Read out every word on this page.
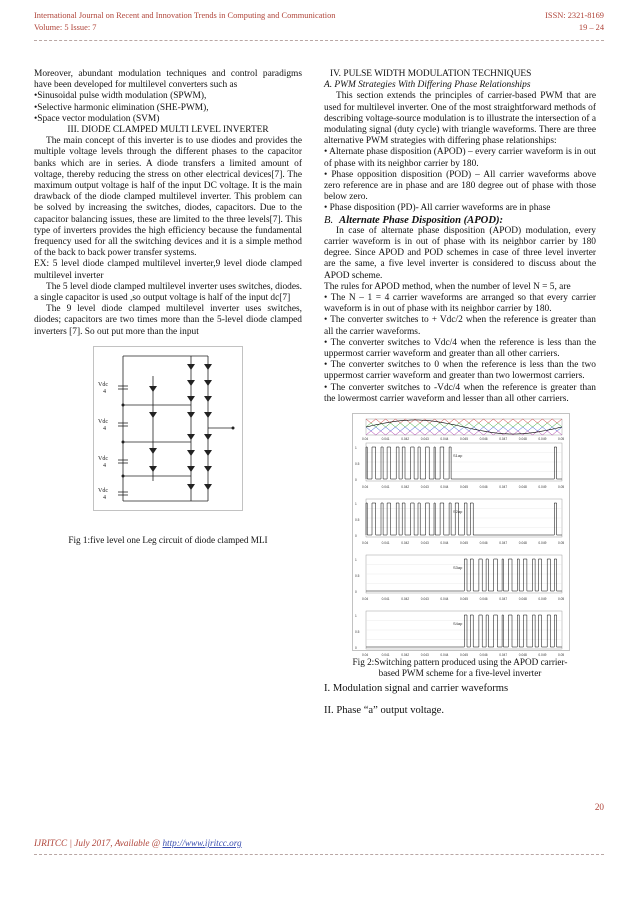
International Journal on Recent and Innovation Trends in Computing and Communication
Volume: 5 Issue: 7
ISSN: 2321-8169
19 – 24

Moreover, abundant modulation techniques and control paradigms have been developed for multilevel converters such as

•Sinusoidal pulse width modulation (SPWM),

•Selective harmonic elimination (SHE-PWM),

•Space vector modulation (SVM)

III. DIODE CLAMPED MULTI LEVEL INVERTER

The main concept of this inverter is to use diodes and provides the multiple voltage levels through the different phases to the capacitor banks which are in series. A diode transfers a limited amount of voltage, thereby reducing the stress on other electrical devices[7]. The maximum output voltage is half of the input DC voltage. It is the main drawback of the diode clamped multilevel inverter. This problem can be solved by increasing the switches, diodes, capacitors. Due to the capacitor balancing issues, these are limited to the three levels[7]. This type of inverters provides the high efficiency because the fundamental frequency used for all the switching devices and it is a simple method of the back to back power transfer systems.

EX: 5 level diode clamped multilevel inverter,9 level diode clamped multilevel inverter

The 5 level diode clamped multilevel inverter uses switches, diodes. a single capacitor is used ,so output voltage is half of the input dc[7]

The 9 level diode clamped multilevel inverter uses switches, diodes; capacitors are two times more than the 5-level diode clamped inverters [7]. So out put more than the input

Vdc
4
Vdc
4
Vdc
4
Vdc
4

Fig 1:five level one Leg circuit of diode clamped MLI

IV. PULSE WIDTH MODULATION TECHNIQUES

A. PWM Strategies With Differing Phase Relationships

This section extends the principles of carrier-based PWM that are used for multilevel inverter. One of the most straightforward methods of describing voltage-source modulation is to illustrate the intersection of a modulating signal (duty cycle) with triangle waveforms. There are three alternative PWM strategies with differing phase relationships:

• Alternate phase disposition (APOD) – every carrier waveform is in out of phase with its neighbor carrier by 180.

• Phase opposition disposition (POD) – All carrier waveforms above zero reference are in phase and are 180 degree out of phase with those below zero.

• Phase disposition (PD)- All carrier waveforms are in phase

B. Alternate Phase Disposition (APOD):

In case of alternate phase disposition (APOD) modulation, every carrier waveform is in out of phase with its neighbor carrier by 180 degree. Since APOD and POD schemes in case of three level inverter are the same, a five level inverter is considered to discuss about the APOD scheme.

The rules for APOD method, when the number of level N = 5, are

• The N – 1 = 4 carrier waveforms are arranged so that every carrier waveform is in out of phase with its neighbor carrier by 180.

• The converter switches to + Vdc/2 when the reference is greater than all the carrier waveforms.

• The converter switches to Vdc/4 when the reference is less than the uppermost carrier waveform and greater than all other carriers.

• The converter switches to 0 when the reference is less than the two uppermost carrier waveform and greater than two lowermost carriers.

• The converter switches to -Vdc/4 when the reference is greater than the lowermost carrier waveform and lesser than all other carriers.

S1ap
S2ap
S3ap
S4ap
0.04	0.041	0.042	0.043	0.044	0.045	0.046	0.047	0.048	0.049	0.05
1
0.5
0
0.04	0.041	0.042	0.043	0.044	0.045	0.046	0.047	0.048	0.049	0.05
1
0.5
0
0.04	0.041	0.042	0.043	0.044	0.045	0.046	0.047	0.048	0.049	0.05
1
0.5
0
0.04	0.041	0.042	0.043	0.044	0.045	0.046	0.047	0.048	0.049	0.05
1
0.5
0
0.04	0.041	0.042	0.043	0.044	0.045	0.046	0.047	0.048	0.049	0.05

Fig 2:Switching pattern produced using the APOD carrier-

based PWM scheme for a five-level inverter

I. Modulation signal and carrier waveforms

II. Phase “a” output voltage.

20
IJRITCC | July 2017, Available @ http://www.ijritcc.org
